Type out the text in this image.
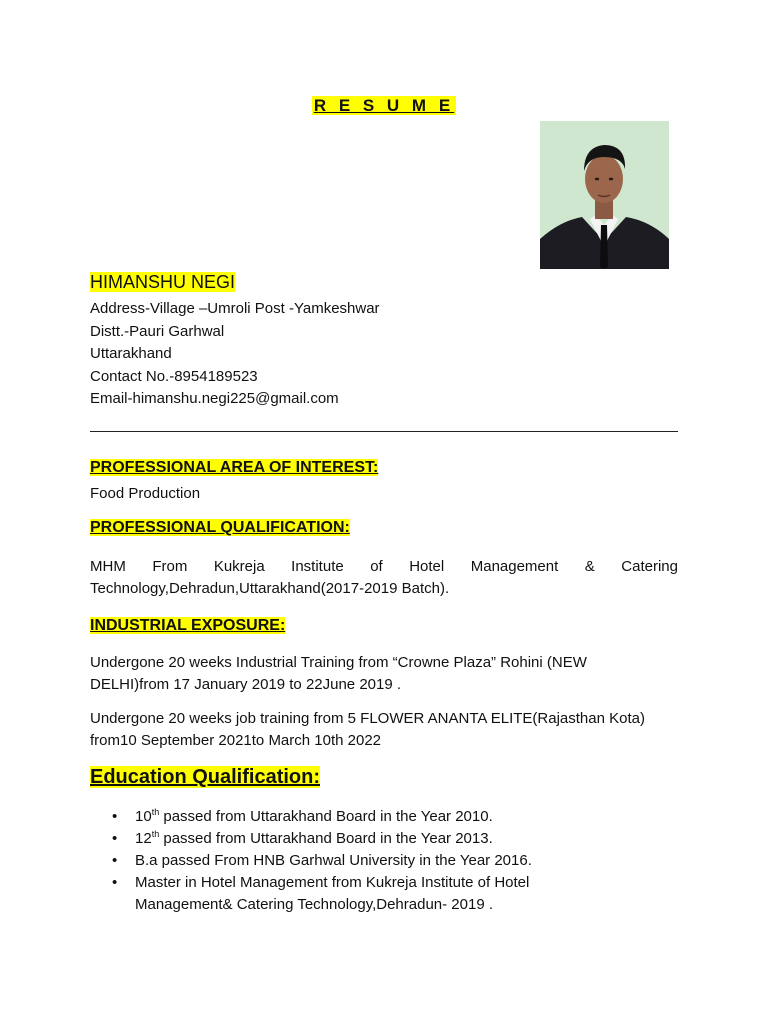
R E S U M E
HIMANSHU NEGI
Address-Village –Umroli Post -Yamkeshwar
Distt.-Pauri Garhwal
Uttarakhand
Contact No.-8954189523
Email-himanshu.negi225@gmail.com
PROFESSIONAL AREA OF INTEREST:
Food Production
PROFESSIONAL QUALIFICATION:
MHM From Kukreja Institute of Hotel Management & Catering Technology,Dehradun,Uttarakhand(2017-2019 Batch).
INDUSTRIAL EXPOSURE:
Undergone 20 weeks Industrial Training from “Crowne Plaza” Rohini (NEW DELHI)from 17 January 2019 to 22June 2019 .
Undergone 20 weeks job training from 5 FLOWER ANANTA ELITE(Rajasthan Kota) from10 September 2021to March 10th 2022
Education Qualification:
• 10th passed from Uttarakhand Board in the Year 2010.
• 12th passed from Uttarakhand Board in the Year 2013.
• B.a passed From HNB Garhwal University in the Year 2016.
• Master in Hotel Management from Kukreja Institute of Hotel Management& Catering Technology,Dehradun- 2019 .
